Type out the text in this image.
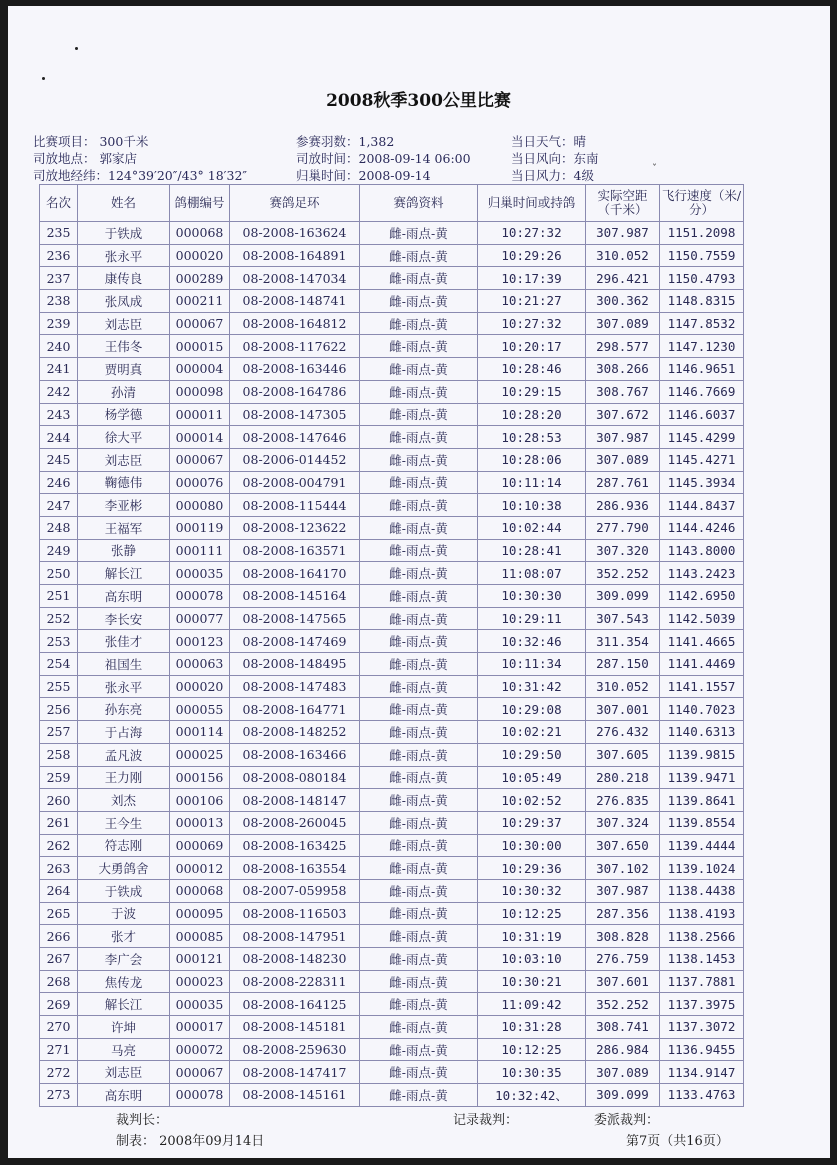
2008秋季300公里比赛
比赛项目： 300千米	参赛羽数：1,382	当日天气：晴
司放地点： 郭家店	司放时间：2008-09-14 06:00	当日风向：东南
司放地经纬：124°39′20″/43° 18′32″	归巢时间：2008-09-14	当日风力：4级	ˇ
名次	姓名	鸽棚编号	赛鸽足环	赛鸽资料	归巢时间或持鸽	实际空距（千米）	飞行速度（米/分）
235	于铁成	000068	08-2008-163624	雌-雨点-黄	10:27:32	307.987	1151.2098
236	张永平	000020	08-2008-164891	雌-雨点-黄	10:29:26	310.052	1150.7559
237	康传良	000289	08-2008-147034	雌-雨点-黄	10:17:39	296.421	1150.4793
238	张凤成	000211	08-2008-148741	雌-雨点-黄	10:21:27	300.362	1148.8315
239	刘志臣	000067	08-2008-164812	雌-雨点-黄	10:27:32	307.089	1147.8532
240	王伟冬	000015	08-2008-117622	雌-雨点-黄	10:20:17	298.577	1147.1230
241	贾明真	000004	08-2008-163446	雌-雨点-黄	10:28:46	308.266	1146.9651
242	孙清	000098	08-2008-164786	雌-雨点-黄	10:29:15	308.767	1146.7669
243	杨学德	000011	08-2008-147305	雌-雨点-黄	10:28:20	307.672	1146.6037
244	徐大平	000014	08-2008-147646	雌-雨点-黄	10:28:53	307.987	1145.4299
245	刘志臣	000067	08-2006-014452	雌-雨点-黄	10:28:06	307.089	1145.4271
246	鞠德伟	000076	08-2008-004791	雌-雨点-黄	10:11:14	287.761	1145.3934
247	李亚彬	000080	08-2008-115444	雌-雨点-黄	10:10:38	286.936	1144.8437
248	王福军	000119	08-2008-123622	雌-雨点-黄	10:02:44	277.790	1144.4246
249	张静	000111	08-2008-163571	雌-雨点-黄	10:28:41	307.320	1143.8000
250	解长江	000035	08-2008-164170	雌-雨点-黄	11:08:07	352.252	1143.2423
251	高东明	000078	08-2008-145164	雌-雨点-黄	10:30:30	309.099	1142.6950
252	李长安	000077	08-2008-147565	雌-雨点-黄	10:29:11	307.543	1142.5039
253	张佳才	000123	08-2008-147469	雌-雨点-黄	10:32:46	311.354	1141.4665
254	祖国生	000063	08-2008-148495	雌-雨点-黄	10:11:34	287.150	1141.4469
255	张永平	000020	08-2008-147483	雌-雨点-黄	10:31:42	310.052	1141.1557
256	孙东亮	000055	08-2008-164771	雌-雨点-黄	10:29:08	307.001	1140.7023
257	于占海	000114	08-2008-148252	雌-雨点-黄	10:02:21	276.432	1140.6313
258	孟凡波	000025	08-2008-163466	雌-雨点-黄	10:29:50	307.605	1139.9815
259	王力刚	000156	08-2008-080184	雌-雨点-黄	10:05:49	280.218	1139.9471
260	刘杰	000106	08-2008-148147	雌-雨点-黄	10:02:52	276.835	1139.8641
261	王今生	000013	08-2008-260045	雌-雨点-黄	10:29:37	307.324	1139.8554
262	符志刚	000069	08-2008-163425	雌-雨点-黄	10:30:00	307.650	1139.4444
263	大勇鸽舍	000012	08-2008-163554	雌-雨点-黄	10:29:36	307.102	1139.1024
264	于铁成	000068	08-2007-059958	雌-雨点-黄	10:30:32	307.987	1138.4438
265	于波	000095	08-2008-116503	雌-雨点-黄	10:12:25	287.356	1138.4193
266	张才	000085	08-2008-147951	雌-雨点-黄	10:31:19	308.828	1138.2566
267	李广会	000121	08-2008-148230	雌-雨点-黄	10:03:10	276.759	1138.1453
268	焦传龙	000023	08-2008-228311	雌-雨点-黄	10:30:21	307.601	1137.7881
269	解长江	000035	08-2008-164125	雌-雨点-黄	11:09:42	352.252	1137.3975
270	许坤	000017	08-2008-145181	雌-雨点-黄	10:31:28	308.741	1137.3072
271	马亮	000072	08-2008-259630	雌-雨点-黄	10:12:25	286.984	1136.9455
272	刘志臣	000067	08-2008-147417	雌-雨点-黄	10:30:35	307.089	1134.9147
273	高东明	000078	08-2008-145161	雌-雨点-黄	10:32:42、	309.099	1133.4763
裁判长：	记录裁判：	委派裁判：
制表： 2008年09月14日	第7页（共16页）
